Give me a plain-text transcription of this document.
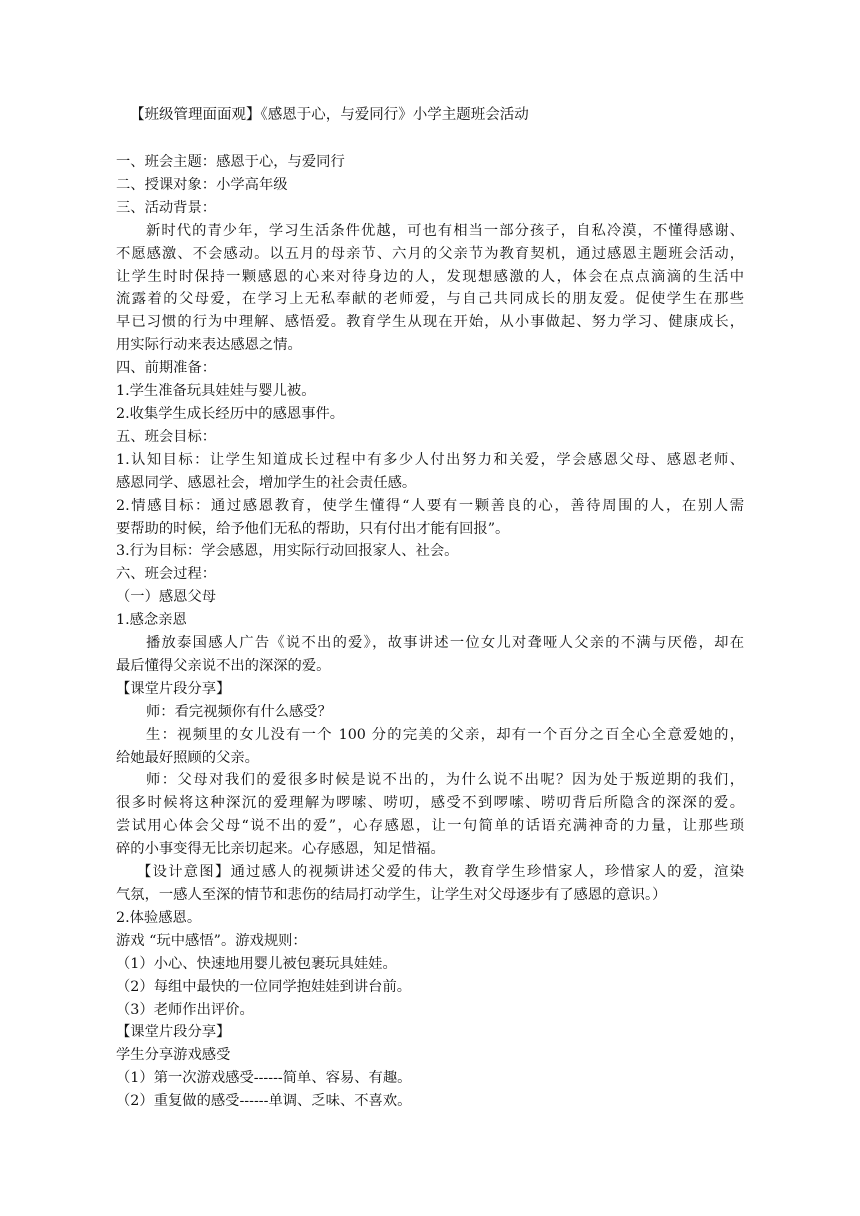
【班级管理面面观】《感恩于心，与爱同行》小学主题班会活动

一、班会主题：感恩于心，与爱同行

二、授课对象：小学高年级

三、活动背景：

新时代的青少年，学习生活条件优越，可也有相当一部分孩子，自私冷漠，不懂得感谢、

不愿感激、不会感动。以五月的母亲节、六月的父亲节为教育契机，通过感恩主题班会活动，

让学生时时保持一颗感恩的心来对待身边的人，发现想感激的人，体会在点点滴滴的生活中

流露着的父母爱，在学习上无私奉献的老师爱，与自己共同成长的朋友爱。促使学生在那些

早已习惯的行为中理解、感悟爱。教育学生从现在开始，从小事做起、努力学习、健康成长，

用实际行动来表达感恩之情。

四、前期准备：

1.学生准备玩具娃娃与婴儿被。

2.收集学生成长经历中的感恩事件。

五、班会目标：

1.认知目标：让学生知道成长过程中有多少人付出努力和关爱，学会感恩父母、感恩老师、

感恩同学、感恩社会，增加学生的社会责任感。

2.情感目标：通过感恩教育，使学生懂得“人要有一颗善良的心，善待周围的人，在别人需

要帮助的时候，给予他们无私的帮助，只有付出才能有回报”。

3.行为目标：学会感恩，用实际行动回报家人、社会。

六、班会过程：

（一）感恩父母

1.感念亲恩

播放泰国感人广告《说不出的爱》，故事讲述一位女儿对聋哑人父亲的不满与厌倦，却在

最后懂得父亲说不出的深深的爱。

【课堂片段分享】

师：看完视频你有什么感受？

生：视频里的女儿没有一个 100 分的完美的父亲，却有一个百分之百全心全意爱她的，

给她最好照顾的父亲。

师：父母对我们的爱很多时候是说不出的，为什么说不出呢？因为处于叛逆期的我们，

很多时候将这种深沉的爱理解为啰嗦、唠叨，感受不到啰嗦、唠叨背后所隐含的深深的爱。

尝试用心体会父母“说不出的爱”，心存感恩，让一句简单的话语充满神奇的力量，让那些琐

碎的小事变得无比亲切起来。心存感恩，知足惜福。

【设计意图】通过感人的视频讲述父爱的伟大，教育学生珍惜家人，珍惜家人的爱，渲染

气氛，一感人至深的情节和悲伤的结局打动学生，让学生对父母逐步有了感恩的意识。）

2.体验感恩。

游戏 “玩中感悟”。游戏规则：

（1）小心、快速地用婴儿被包裹玩具娃娃。

（2）每组中最快的一位同学抱娃娃到讲台前。

（3）老师作出评价。

【课堂片段分享】

学生分享游戏感受

（1）第一次游戏感受------简单、容易、有趣。

（2）重复做的感受------单调、乏味、不喜欢。
